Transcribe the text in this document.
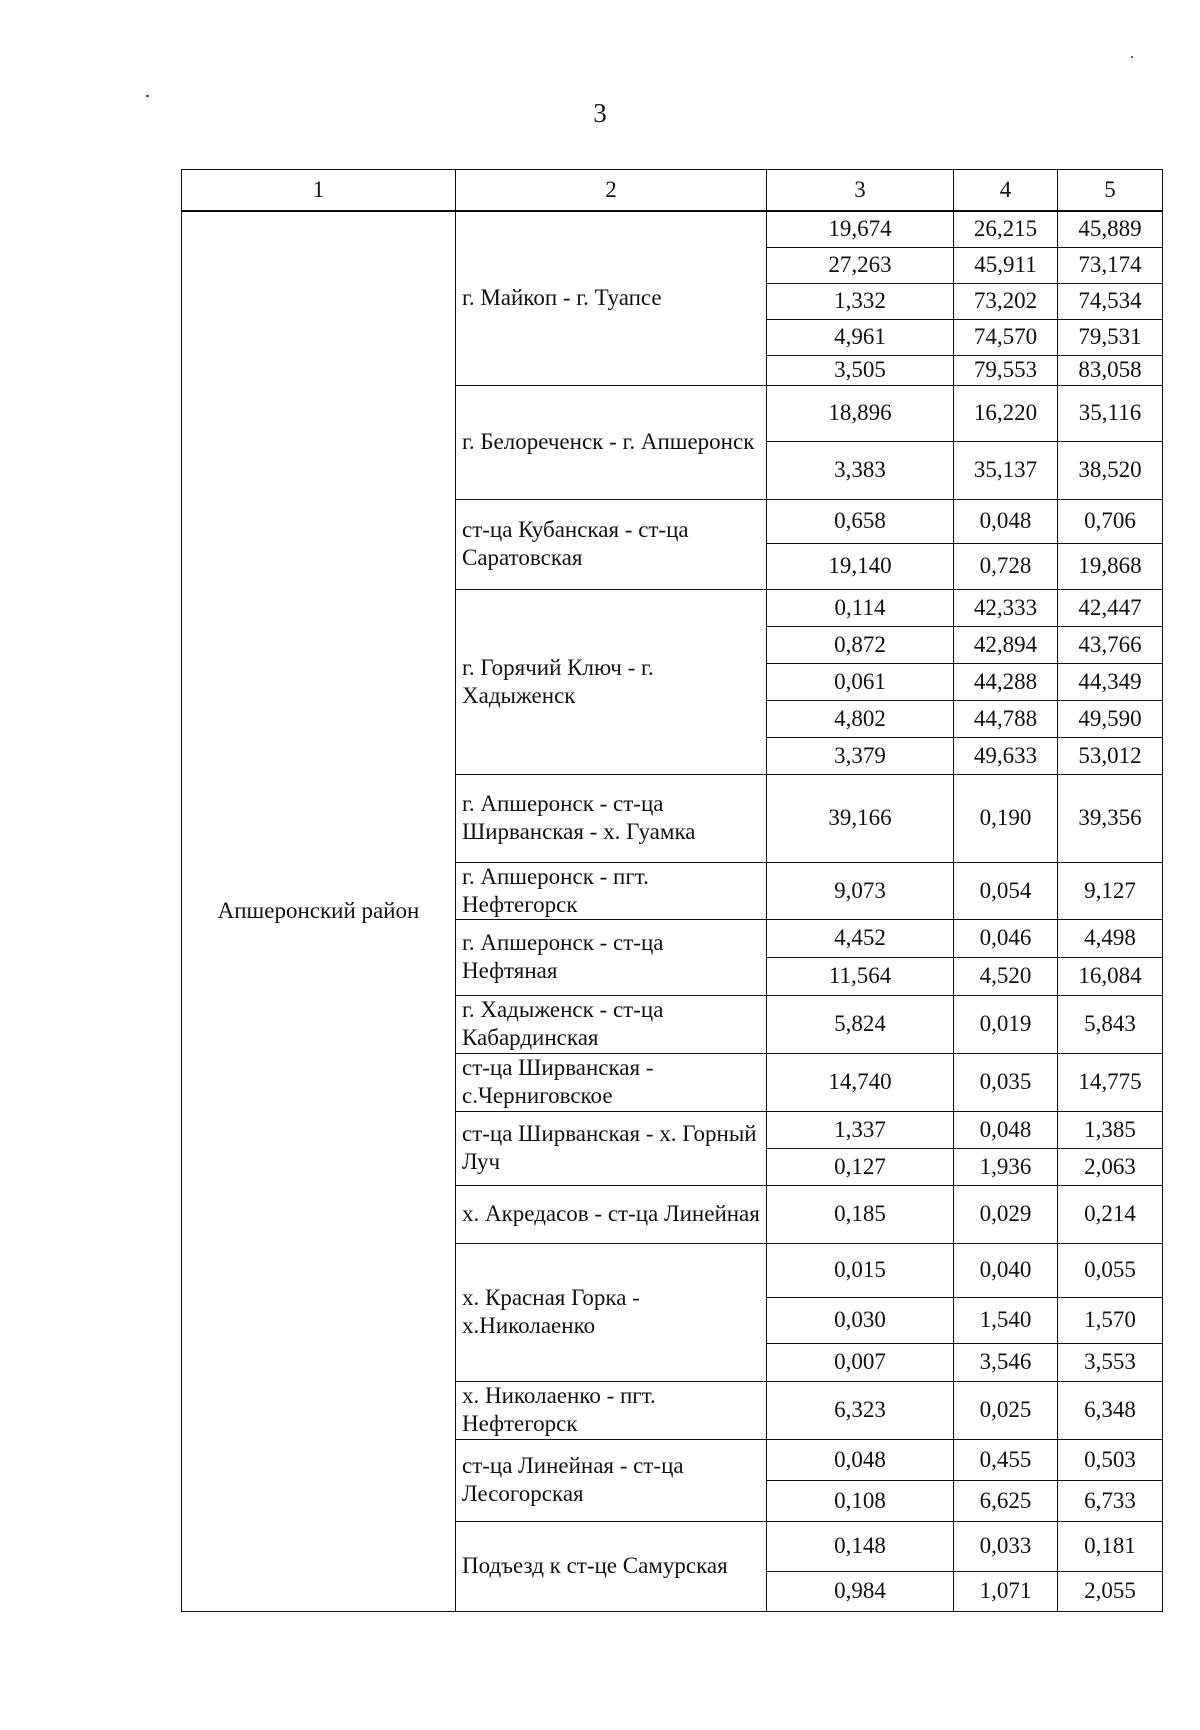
3
1	2	3	4	5
Апшеронский район	г. Майкоп - г. Туапсе	19,674	26,215	45,889
		27,263	45,911	73,174
		1,332	73,202	74,534
		4,961	74,570	79,531
		3,505	79,553	83,058
	г. Белореченск - г. Апшеронск	18,896	16,220	35,116
		3,383	35,137	38,520
	ст-ца Кубанская - ст-ца Саратовская	0,658	0,048	0,706
		19,140	0,728	19,868
	г. Горячий Ключ - г. Хадыженск	0,114	42,333	42,447
		0,872	42,894	43,766
		0,061	44,288	44,349
		4,802	44,788	49,590
		3,379	49,633	53,012
	г. Апшеронск - ст-ца Ширванская - х. Гуамка	39,166	0,190	39,356
	г. Апшеронск - пгт. Нефтегорск	9,073	0,054	9,127
	г. Апшеронск - ст-ца Нефтяная	4,452	0,046	4,498
		11,564	4,520	16,084
	г. Хадыженск - ст-ца Кабардинская	5,824	0,019	5,843
	ст-ца Ширванская - с.Черниговское	14,740	0,035	14,775
	ст-ца Ширванская - х. Горный Луч	1,337	0,048	1,385
		0,127	1,936	2,063
	х. Акредасов - ст-ца Линейная	0,185	0,029	0,214
	х. Красная Горка - х.Николаенко	0,015	0,040	0,055
		0,030	1,540	1,570
		0,007	3,546	3,553
	х. Николаенко - пгт. Нефтегорск	6,323	0,025	6,348
	ст-ца Линейная - ст-ца Лесогорская	0,048	0,455	0,503
		0,108	6,625	6,733
	Подъезд к ст-це Самурская	0,148	0,033	0,181
		0,984	1,071	2,055
